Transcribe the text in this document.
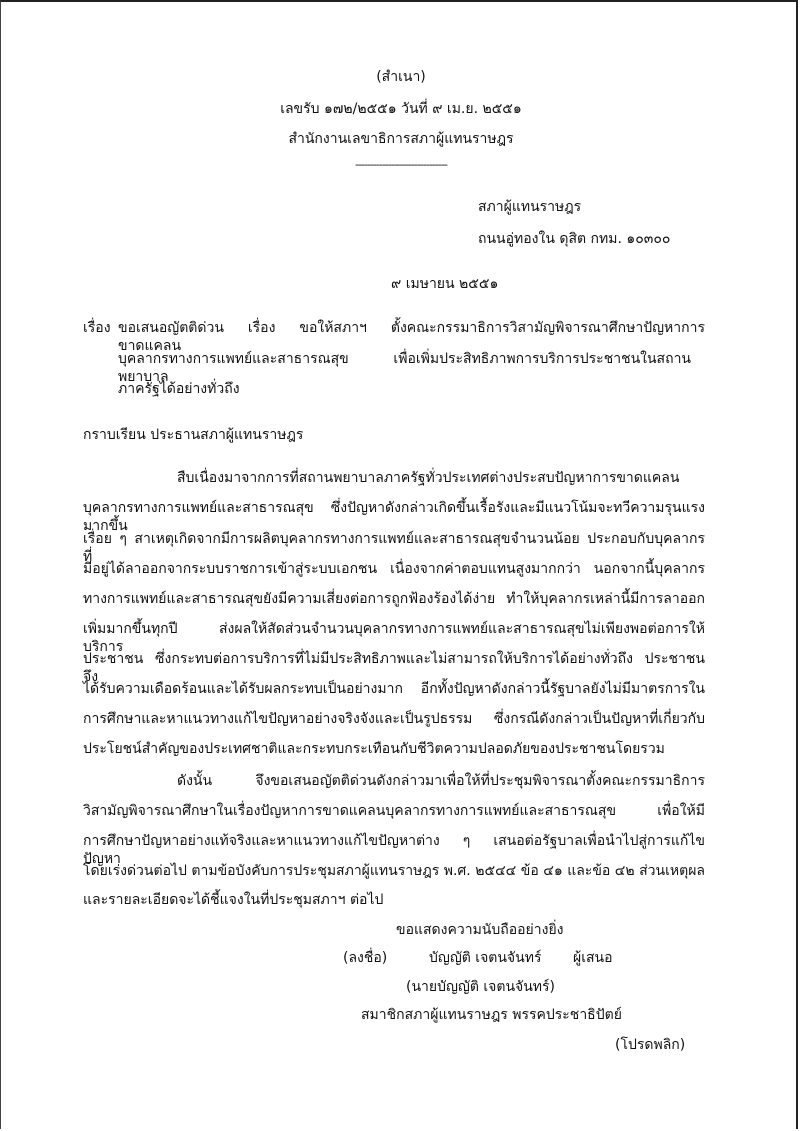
(สำเนา)
เลขรับ ๑๗๒/๒๕๕๑ วันที่ ๙ เม.ย. ๒๕๕๑
สำนักงานเลขาธิการสภาผู้แทนราษฎร
-------------------------------
สภาผู้แทนราษฎร
ถนนอู่ทองใน ดุสิต กทม. ๑๐๓๐๐
๙ เมษายน ๒๕๕๑
เรื่อง ขอเสนอญัตติด่วน เรื่อง ขอให้สภาฯ ตั้งคณะกรรมาธิการวิสามัญพิจารณาศึกษาปัญหาการขาดแคลน
บุคลากรทางการแพทย์และสาธารณสุข เพื่อเพิ่มประสิทธิภาพการบริการประชาชนในสถานพยาบาล
ภาครัฐได้อย่างทั่วถึง
กราบเรียน ประธานสภาผู้แทนราษฎร
สืบเนื่องมาจากการที่สถานพยาบาลภาครัฐทั่วประเทศต่างประสบปัญหาการขาดแคลน
บุคลากรทางการแพทย์และสาธารณสุข ซึ่งปัญหาดังกล่าวเกิดขึ้นเรื้อรังและมีแนวโน้มจะทวีความรุนแรงมากขึ้น
เรื่อย ๆ สาเหตุเกิดจากมีการผลิตบุคลากรทางการแพทย์และสาธารณสุขจำนวนน้อย ประกอบกับบุคลากรที่
มีอยู่ได้ลาออกจากระบบราชการเข้าสู่ระบบเอกชน เนื่องจากค่าตอบแทนสูงมากกว่า นอกจากนี้บุคลากร
ทางการแพทย์และสาธารณสุขยังมีความเสี่ยงต่อการถูกฟ้องร้องได้ง่าย ทำให้บุคลากรเหล่านี้มีการลาออก
เพิ่มมากขึ้นทุกปี ส่งผลให้สัดส่วนจำนวนบุคลากรทางการแพทย์และสาธารณสุขไม่เพียงพอต่อการให้บริการ
ประชาชน ซึ่งกระทบต่อการบริการที่ไม่มีประสิทธิภาพและไม่สามารถให้บริการได้อย่างทั่วถึง ประชาชนจึง
ได้รับความเดือดร้อนและได้รับผลกระทบเป็นอย่างมาก อีกทั้งปัญหาดังกล่าวนี้รัฐบาลยังไม่มีมาตรการใน
การศึกษาและหาแนวทางแก้ไขปัญหาอย่างจริงจังและเป็นรูปธรรม ซึ่งกรณีดังกล่าวเป็นปัญหาที่เกี่ยวกับ
ประโยชน์สำคัญของประเทศชาติและกระทบกระเทือนกับชีวิตความปลอดภัยของประชาชนโดยรวม
ดังนั้น จึงขอเสนอญัตติด่วนดังกล่าวมาเพื่อให้ที่ประชุมพิจารณาตั้งคณะกรรมาธิการ
วิสามัญพิจารณาศึกษาในเรื่องปัญหาการขาดแคลนบุคลากรทางการแพทย์และสาธารณสุข เพื่อให้มี
การศึกษาปัญหาอย่างแท้จริงและหาแนวทางแก้ไขปัญหาต่าง ๆ เสนอต่อรัฐบาลเพื่อนำไปสู่การแก้ไขปัญหา
โดยเร่งด่วนต่อไป ตามข้อบังคับการประชุมสภาผู้แทนราษฎร พ.ศ. ๒๕๔๔ ข้อ ๔๑ และข้อ ๔๒ ส่วนเหตุผล
และรายละเอียดจะได้ชี้แจงในที่ประชุมสภาฯ ต่อไป
ขอแสดงความนับถืออย่างยิ่ง
(ลงชื่อ)	บัญญัติ เจตนจันทร์ ผู้เสนอ
(นายบัญญัติ เจตนจันทร์)
สมาชิกสภาผู้แทนราษฎร พรรคประชาธิปัตย์
(โปรดพลิก)
